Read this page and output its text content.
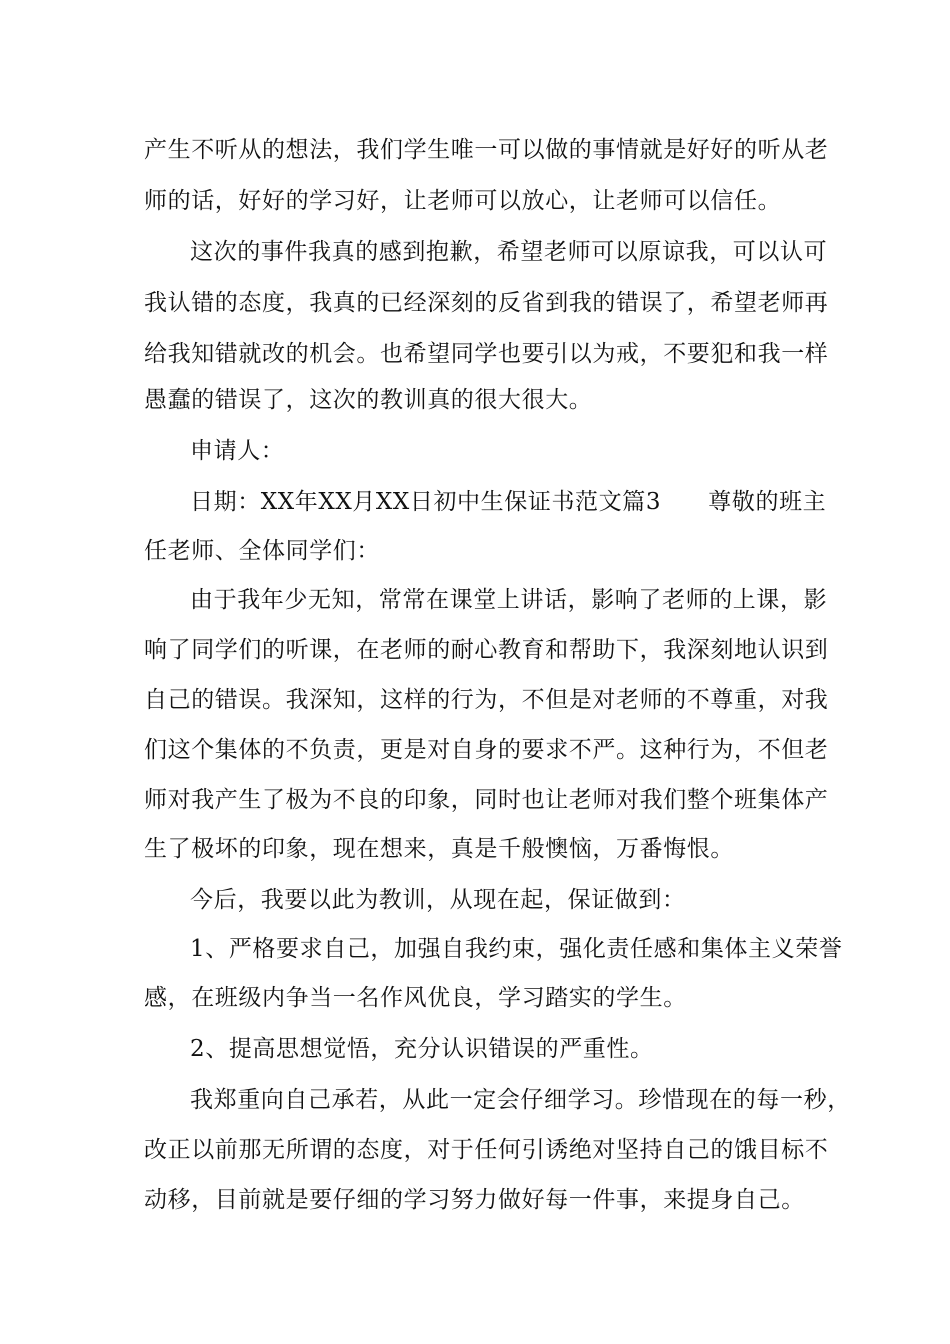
产生不听从的想法，我们学生唯一可以做的事情就是好好的听从老
师的话，好好的学习好，让老师可以放心，让老师可以信任。
这次的事件我真的感到抱歉，希望老师可以原谅我，可以认可
我认错的态度，我真的已经深刻的反省到我的错误了，希望老师再
给我知错就改的机会。也希望同学也要引以为戒，不要犯和我一样
愚蠢的错误了，这次的教训真的很大很大。
申请人：
日期：XX年XX月XX日初中生保证书范文篇3　　尊敬的班主
任老师、全体同学们：
由于我年少无知，常常在课堂上讲话，影响了老师的上课，影
响了同学们的听课，在老师的耐心教育和帮助下，我深刻地认识到
自己的错误。我深知，这样的行为，不但是对老师的不尊重，对我
们这个集体的不负责，更是对自身的要求不严。这种行为，不但老
师对我产生了极为不良的印象，同时也让老师对我们整个班集体产
生了极坏的印象，现在想来，真是千般懊恼，万番悔恨。
今后，我要以此为教训，从现在起，保证做到：
1、严格要求自己，加强自我约束，强化责任感和集体主义荣誉
感，在班级内争当一名作风优良，学习踏实的学生。
2、提高思想觉悟，充分认识错误的严重性。
我郑重向自己承若，从此一定会仔细学习。珍惜现在的每一秒，
改正以前那无所谓的态度，对于任何引诱绝对坚持自己的饿目标不
动移，目前就是要仔细的学习努力做好每一件事，来提身自己。
